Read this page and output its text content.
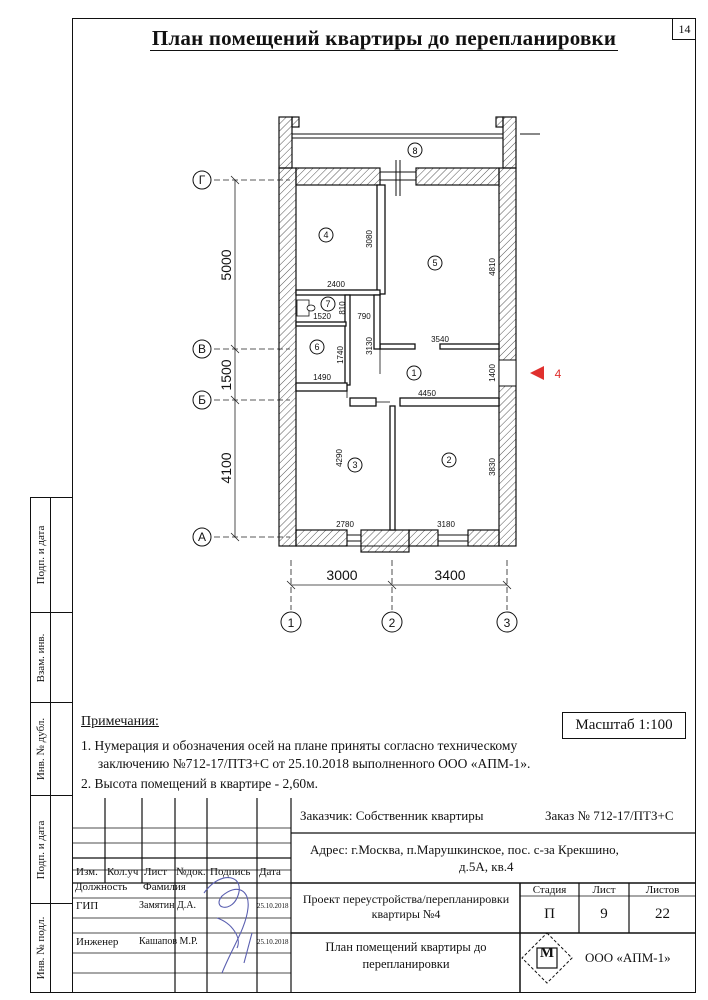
14
План помещений квартиры до перепланировки
Г
В
Б
А
1	2	3
5000
1500
4100
3000	3400
8
4
4
5
7
6
1
3	2
3080
4810
2400
810
1520	790
3130	3540
1740
1490	1400
4450
4290
3830
2780	3180
Подп. и дата
Взам. инв.
Инв. № дубл.
Подп. и дата
Инв. № подл.
Примечания:
1. Нумерация и обозначения осей на плане приняты согласно техническому
заключению №712-17/ПТЗ+С от 25.10.2018 выполненного ООО «АПМ-1».
2. Высота помещений в квартире - 2,60м.
Масштаб 1:100
Заказчик: Собственник квартиры	Заказ № 712-17/ПТЗ+С
Адрес: г.Москва, п.Марушкинское, пос. с-за Крекшино,
д.5А, кв.4
Изм. Кол.уч Лист №док. Подпись Дата
Должность Фамилия
ГИП	Замятин Д.А.	25.10.2018
Инженер Кашапов М.Р.	25.10.2018
Проект переустройства/перепланировки
квартиры №4
План помещений квартиры до
перепланировки
Стадия	Лист	Листов
П	9	22
М ООО «АПМ-1»
